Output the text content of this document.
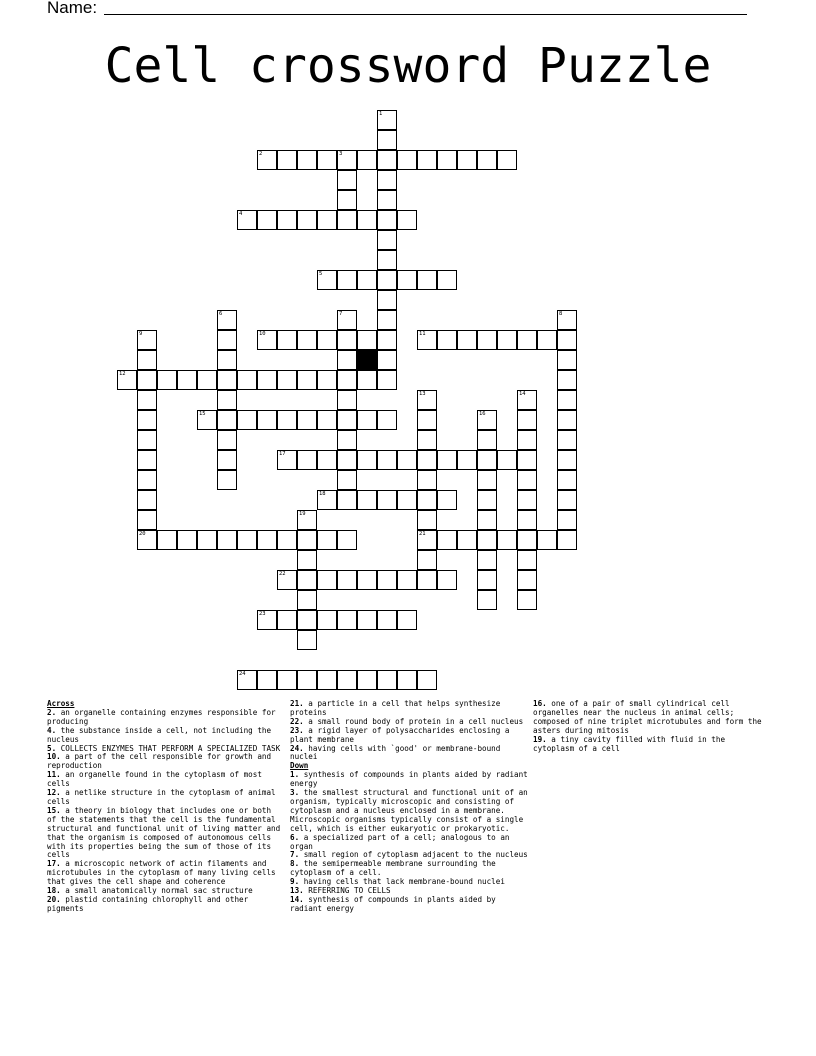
Name:
Cell crossword Puzzle
1
2	3
4
5
6	7	8
9
20
10	11
12
13
21
14
15	16
17
18
19
22
23
24
Across
2. an organelle containing enzymes responsible for producing
4. the substance inside a cell, not including the nucleus
5. COLLECTS ENZYMES THAT PERFORM A SPECIALIZED TASK
10. a part of the cell responsible for growth and reproduction
11. an organelle found in the cytoplasm of most cells
12. a netlike structure in the cytoplasm of animal cells
15. a theory in biology that includes one or both of the statements that the cell is the fundamental structural and functional unit of living matter and that the organism is composed of autonomous cells with its properties being the sum of those of its cells
17. a microscopic network of actin filaments and microtubules in the cytoplasm of many living cells that gives the cell shape and coherence
18. a small anatomically normal sac structure
20. plastid containing chlorophyll and other pigments
21. a particle in a cell that helps synthesize proteins
22. a small round body of protein in a cell nucleus
23. a rigid layer of polysaccharides enclosing a plant membrane
24. having cells with `good' or membrane-bound nuclei
Down
1. synthesis of compounds in plants aided by radiant energy
3. the smallest structural and functional unit of an organism, typically microscopic and consisting of cytoplasm and a nucleus enclosed in a membrane. Microscopic organisms typically consist of a single cell, which is either eukaryotic or prokaryotic.
6. a specialized part of a cell; analogous to an organ
7. small region of cytoplasm adjacent to the nucleus
8. the semipermeable membrane surrounding the cytoplasm of a cell.
9. having cells that lack membrane-bound nuclei
13. REFERRING TO CELLS
14. synthesis of compounds in plants aided by radiant energy
16. one of a pair of small cylindrical cell organelles near the nucleus in animal cells; composed of nine triplet microtubules and form the asters during mitosis
19. a tiny cavity filled with fluid in the cytoplasm of a cell
